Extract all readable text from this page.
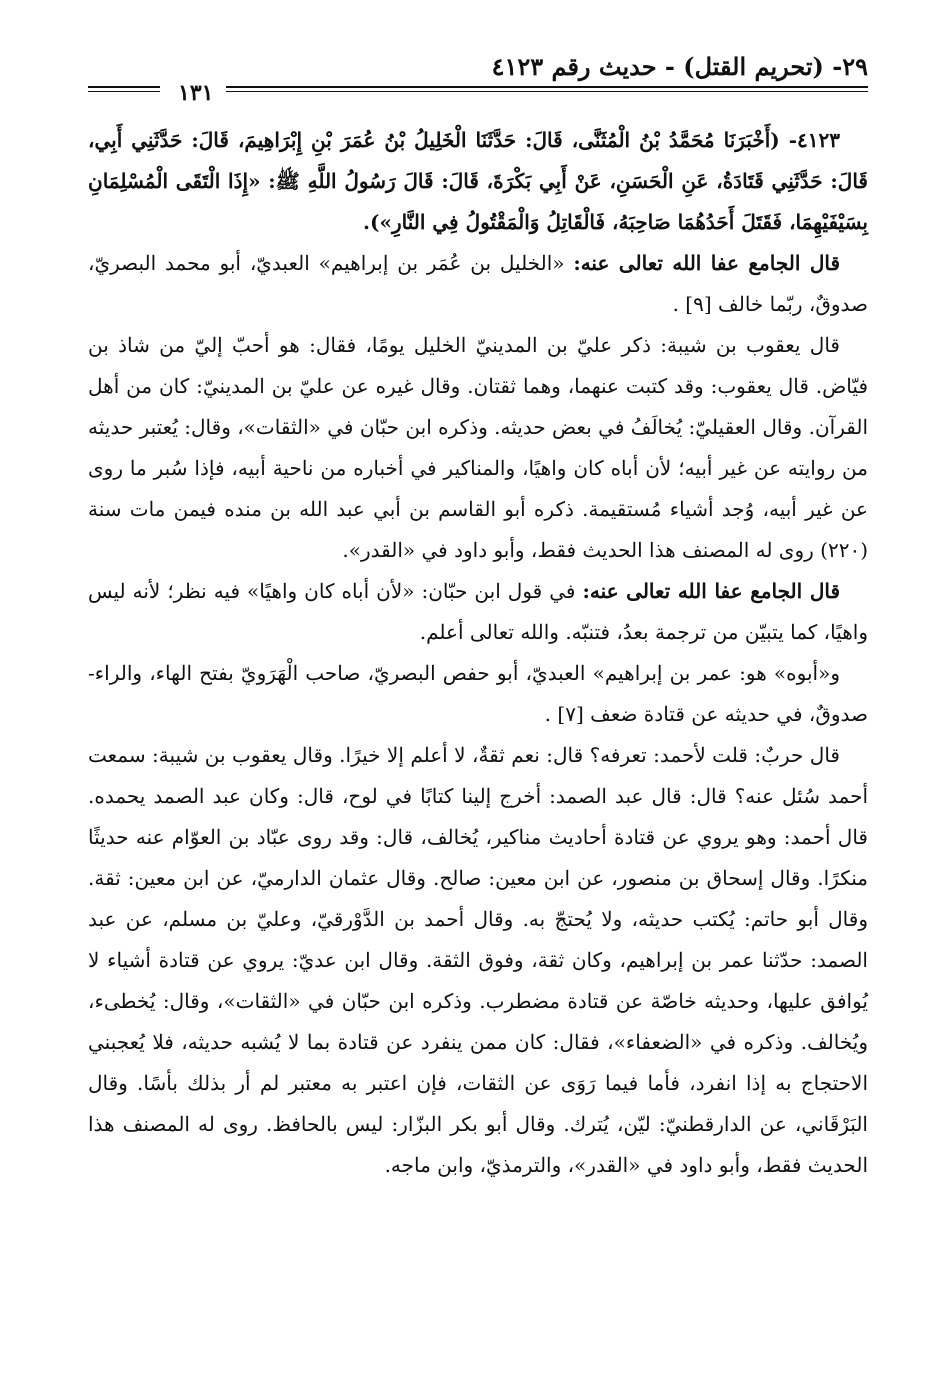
٢٩- (تحريم القتل) - حديث رقم ٤١٢٣
١٣١

٤١٢٣- (أَخْبَرَنَا مُحَمَّدُ بْنُ الْمُثَنَّى، قَالَ: حَدَّثَنَا الْخَلِيلُ بْنُ عُمَرَ بْنِ إِبْرَاهِيمَ، قَالَ: حَدَّثَنِي أَبِي، قَالَ: حَدَّثَنِي قَتَادَةُ، عَنِ الْحَسَنِ، عَنْ أَبِي بَكْرَةَ، قَالَ: قَالَ رَسُولُ اللَّهِ ﷺ: «إِذَا الْتَقَى الْمُسْلِمَانِ بِسَيْفَيْهِمَا، فَقَتَلَ أَحَدُهُمَا صَاحِبَهُ، فَالْقَاتِلُ وَالْمَقْتُولُ فِي النَّارِ»).

قال الجامع عفا الله تعالى عنه: «الخليل بن عُمَر بن إبراهيم» العبديّ، أبو محمد البصريّ، صدوقٌ، ربّما خالف [٩] .

قال يعقوب بن شيبة: ذكر عليّ بن المدينيّ الخليل يومًا، فقال: هو أحبّ إليّ من شاذ بن فيّاض. قال يعقوب: وقد كتبت عنهما، وهما ثقتان. وقال غيره عن عليّ بن المدينيّ: كان من أهل القرآن. وقال العقيليّ: يُخالَفُ في بعض حديثه. وذكره ابن حبّان في «الثقات»، وقال: يُعتبر حديثه من روايته عن غير أبيه؛ لأن أباه كان واهيًا، والمناكير في أخباره من ناحية أبيه، فإذا سُبر ما روى عن غير أبيه، وُجد أشياء مُستقيمة. ذكره أبو القاسم بن أبي عبد الله بن منده فيمن مات سنة (٢٢٠) روى له المصنف هذا الحديث فقط، وأبو داود في «القدر».

قال الجامع عفا الله تعالى عنه: في قول ابن حبّان: «لأن أباه كان واهيًا» فيه نظر؛ لأنه ليس واهيًا، كما يتبيّن من ترجمة بعدُ، فتنبّه. والله تعالى أعلم.

و«أبوه» هو: عمر بن إبراهيم» العبديّ، أبو حفص البصريّ، صاحب الْهَرَويّ بفتح الهاء، والراء- صدوقٌ، في حديثه عن قتادة ضعف [٧] .

قال حربٌ: قلت لأحمد: تعرفه؟ قال: نعم ثقةٌ، لا أعلم إلا خيرًا. وقال يعقوب بن شيبة: سمعت أحمد سُئل عنه؟ قال: قال عبد الصمد: أخرج إلينا كتابًا في لوح، قال: وكان عبد الصمد يحمده. قال أحمد: وهو يروي عن قتادة أحاديث مناكير، يُخالف، قال: وقد روى عبّاد بن العوّام عنه حديثًا منكرًا. وقال إسحاق بن منصور، عن ابن معين: صالح. وقال عثمان الدارميّ، عن ابن معين: ثقة. وقال أبو حاتم: يُكتب حديثه، ولا يُحتجّ به. وقال أحمد بن الدَّوْرقيّ، وعليّ بن مسلم، عن عبد الصمد: حدّثنا عمر بن إبراهيم، وكان ثقة، وفوق الثقة. وقال ابن عديّ: يروي عن قتادة أشياء لا يُوافق عليها، وحديثه خاصّة عن قتادة مضطرب. وذكره ابن حبّان في «الثقات»، وقال: يُخطىء، ويُخالف. وذكره في «الضعفاء»، فقال: كان ممن ينفرد عن قتادة بما لا يُشبه حديثه، فلا يُعجبني الاحتجاج به إذا انفرد، فأما فيما رَوَى عن الثقات، فإن اعتبر به معتبر لم أر بذلك بأسًا. وقال البَرْقَاني، عن الدارقطنيّ: ليّن، يُترك. وقال أبو بكر البزّار: ليس بالحافظ. روى له المصنف هذا الحديث فقط، وأبو داود في «القدر»، والترمذيّ، وابن ماجه.
